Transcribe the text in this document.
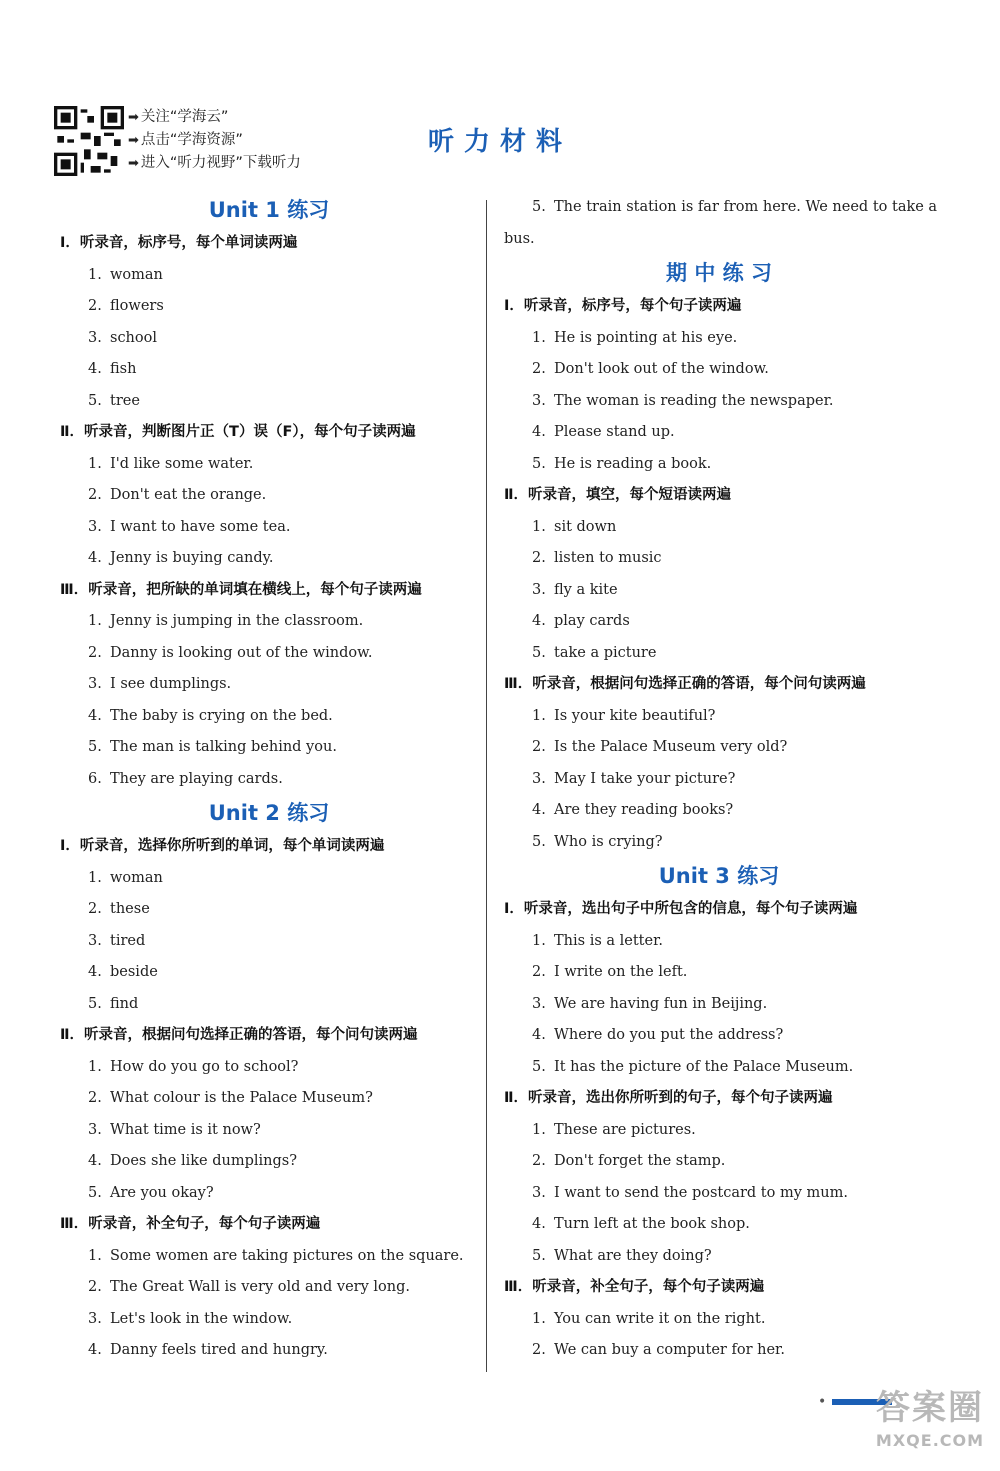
➡ 关注“学海云”
➡ 点击“学海资源”
➡ 进入“听力视野”下载听力
听力材料
Unit 1 练习
Ⅰ．听录音，标序号，每个单词读两遍
1. woman
2. flowers
3. school
4. fish
5. tree
Ⅱ．听录音，判断图片正（T）误（F），每个句子读两遍
1. I'd like some water.
2. Don't eat the orange.
3. I want to have some tea.
4. Jenny is buying candy.
Ⅲ．听录音，把所缺的单词填在横线上，每个句子读两遍
1. Jenny is jumping in the classroom.
2. Danny is looking out of the window.
3. I see dumplings.
4. The baby is crying on the bed.
5. The man is talking behind you.
6. They are playing cards.
Unit 2 练习
Ⅰ．听录音，选择你所听到的单词，每个单词读两遍
1. woman
2. these
3. tired
4. beside
5. find
Ⅱ．听录音，根据问句选择正确的答语，每个问句读两遍
1. How do you go to school?
2. What colour is the Palace Museum?
3. What time is it now?
4. Does she like dumplings?
5. Are you okay?
Ⅲ．听录音，补全句子，每个句子读两遍
1. Some women are taking pictures on the square.
2. The Great Wall is very old and very long.
3. Let's look in the window.
4. Danny feels tired and hungry.
5. The train station is far from here. We need to take a
bus.
期 中 练 习
Ⅰ．听录音，标序号，每个句子读两遍
1. He is pointing at his eye.
2. Don't look out of the window.
3. The woman is reading the newspaper.
4. Please stand up.
5. He is reading a book.
Ⅱ．听录音，填空，每个短语读两遍
1. sit down
2. listen to music
3. fly a kite
4. play cards
5. take a picture
Ⅲ．听录音，根据问句选择正确的答语，每个问句读两遍
1. Is your kite beautiful?
2. Is the Palace Museum very old?
3. May I take your picture?
4. Are they reading books?
5. Who is crying?
Unit 3 练习
Ⅰ．听录音，选出句子中所包含的信息，每个句子读两遍
1. This is a letter.
2. I write on the left.
3. We are having fun in Beijing.
4. Where do you put the address?
5. It has the picture of the Palace Museum.
Ⅱ．听录音，选出你所听到的句子，每个句子读两遍
1. These are pictures.
2. Don't forget the stamp.
3. I want to send the postcard to my mum.
4. Turn left at the book shop.
5. What are they doing?
Ⅲ．听录音，补全句子，每个句子读两遍
1. You can write it on the right.
2. We can buy a computer for her.
•	答案圈
MXQE.COM
